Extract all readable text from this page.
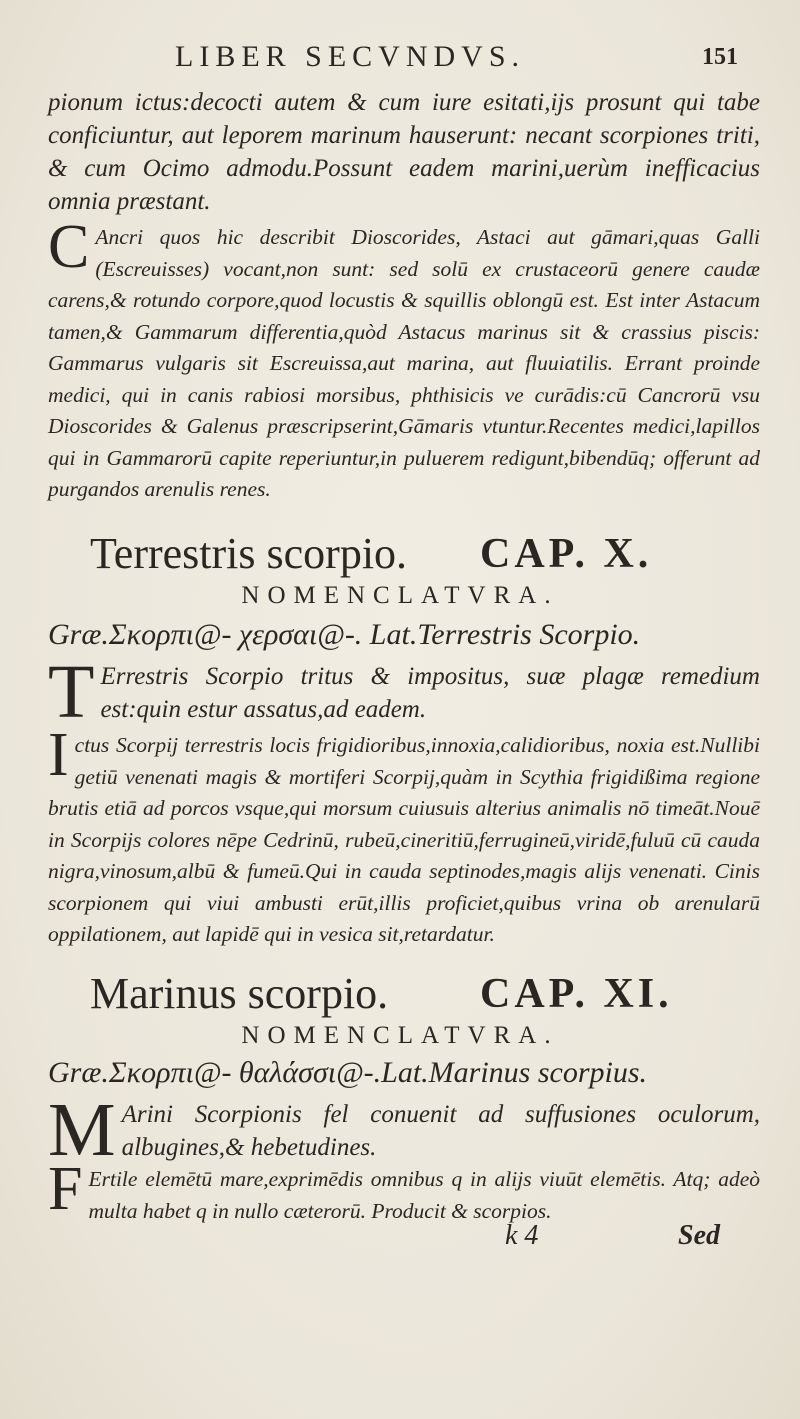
LIBER SECVNDVS.	151
pionum ictus:decocti autem & cum iure esitati,ijs prosunt qui tabe conficiuntur, aut leporem marinum hauserunt: necant scorpiones triti, & cum Ocimo admodu.Possunt eadem marini,uerùm inefficacius omnia præstant.
C Ancri quos hic describit Dioscorides, Astaci aut gāmari,quas Galli (Escreuisses) vocant,non sunt: sed solū ex crustaceorū genere caudæ carens,& rotundo corpore,quod locustis & squillis oblongū est. Est inter Astacum tamen,& Gammarum differentia,quòd Astacus marinus sit & crassius piscis: Gammarus vulgaris sit Escreuissa,aut marina, aut fluuiatilis. Errant proinde medici, qui in canis rabiosi morsibus, phthisicis ve curādis:cū Cancrorū vsu Dioscorides & Galenus præscripserint,Gāmaris vtuntur.Recentes medici,lapillos qui in Gammarorū capite reperiuntur,in puluerem redigunt,bibendūq; offerunt ad purgandos arenulis renes.
Terrestris scorpio. CAP. X.
NOMENCLATVRA.
Græ.Σκορπι@- χερσαι@-. Lat.Terrestris Scorpio.
T Errestris Scorpio tritus & impositus, suæ plagæ remedium est:quin estur assatus,ad eadem.
I ctus Scorpij terrestris locis frigidioribus,innoxia,calidioribus, noxia est.Nullibi getiū venenati magis & mortiferi Scorpij,quàm in Scythia frigidißima regione brutis etiā ad porcos vsque,qui morsum cuiusuis alterius animalis nō timeāt.Nouē in Scorpijs colores nēpe Cedrinū, rubeū,cineritiū,ferrugineū,viridē,fuluū cū cauda nigra,vinosum,albū & fumeū.Qui in cauda septinodes,magis alijs venenati. Cinis scorpionem qui viui ambusti erūt,illis proficiet,quibus vrina ob arenularū oppilationem, aut lapidē qui in vesica sit,retardatur.
Marinus scorpio. CAP. XI.
NOMENCLATVRA.
Græ.Σκορπι@- θαλάσσι@-.Lat.Marinus scorpius.
M Arini Scorpionis fel conuenit ad suffusiones oculorum, albugines,& hebetudines.
F Ertile elemētū mare,exprimēdis omnibus q in alijs viuūt elemētis. Atq; adeò multa habet q in nullo cæterorū. Producit & scorpios.
k 4	Sed
